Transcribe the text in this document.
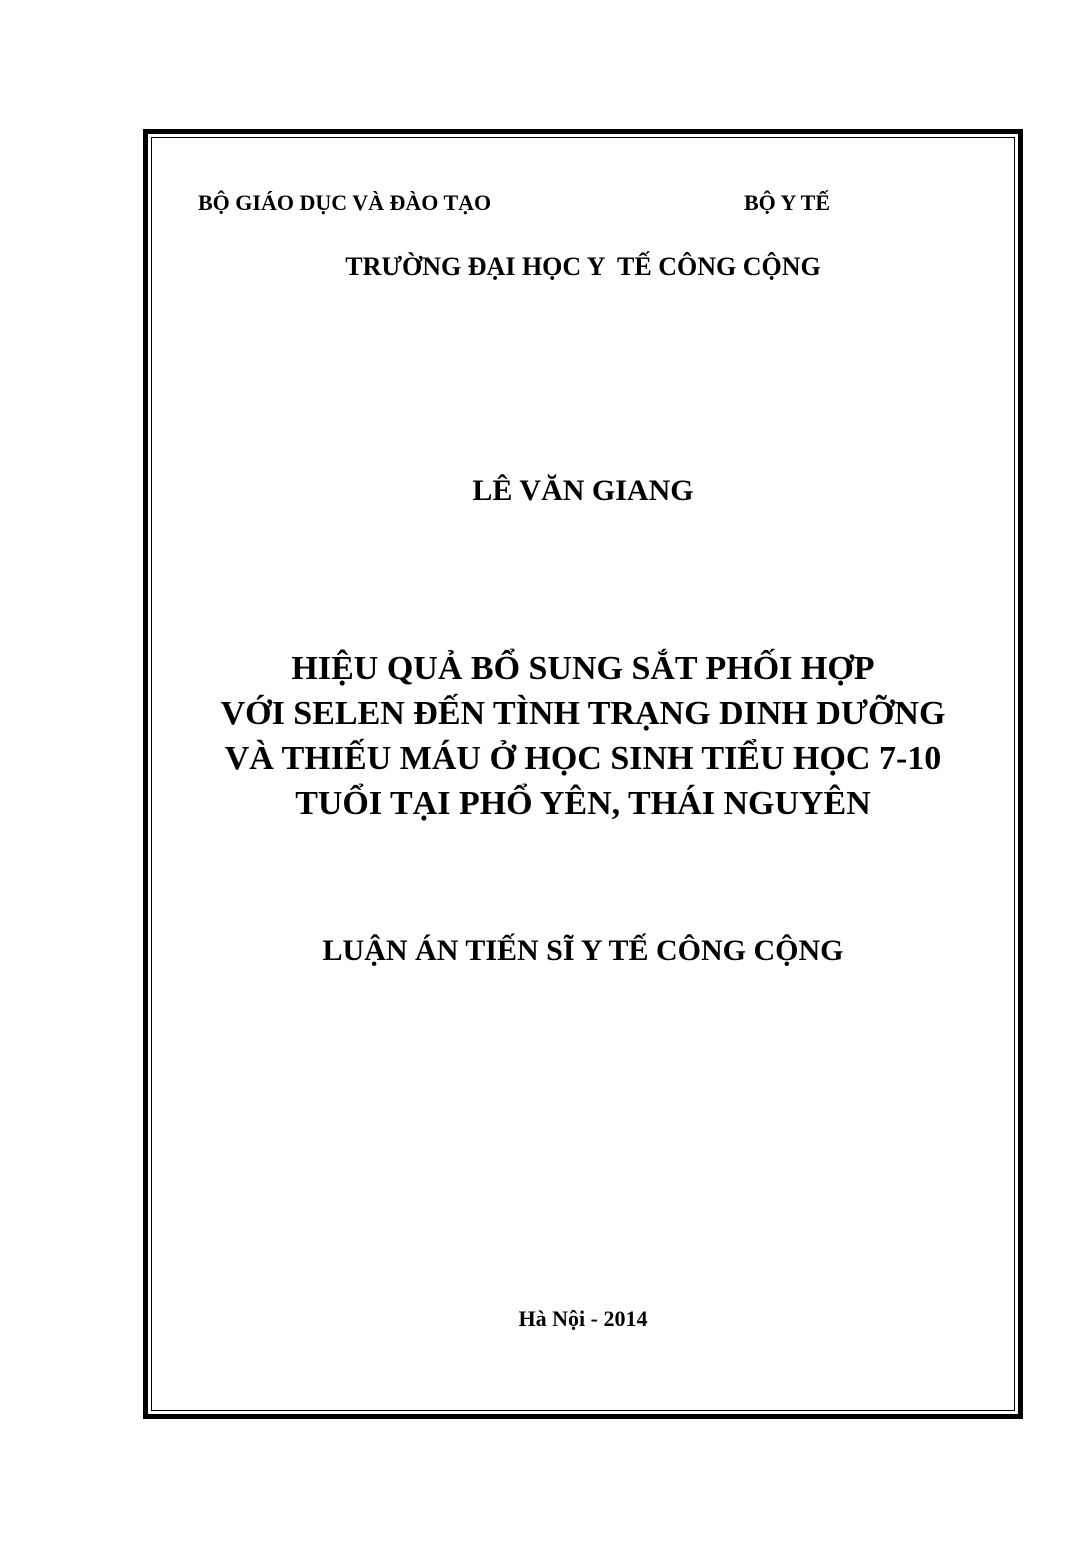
BỘ GIÁO DỤC VÀ ĐÀO TẠO	BỘ Y TẾ
TRƯỜNG ĐẠI HỌC Y  TẾ CÔNG CỘNG
LÊ VĂN GIANG
HIỆU QUẢ BỔ SUNG SẮT PHỐI HỢP
VỚI SELEN ĐẾN TÌNH TRẠNG DINH DƯỠNG
VÀ THIẾU MÁU Ở HỌC SINH TIỂU HỌC 7-10
TUỔI TẠI PHỔ YÊN, THÁI NGUYÊN
LUẬN ÁN TIẾN SĨ Y TẾ CÔNG CỘNG
Hà Nội - 2014
